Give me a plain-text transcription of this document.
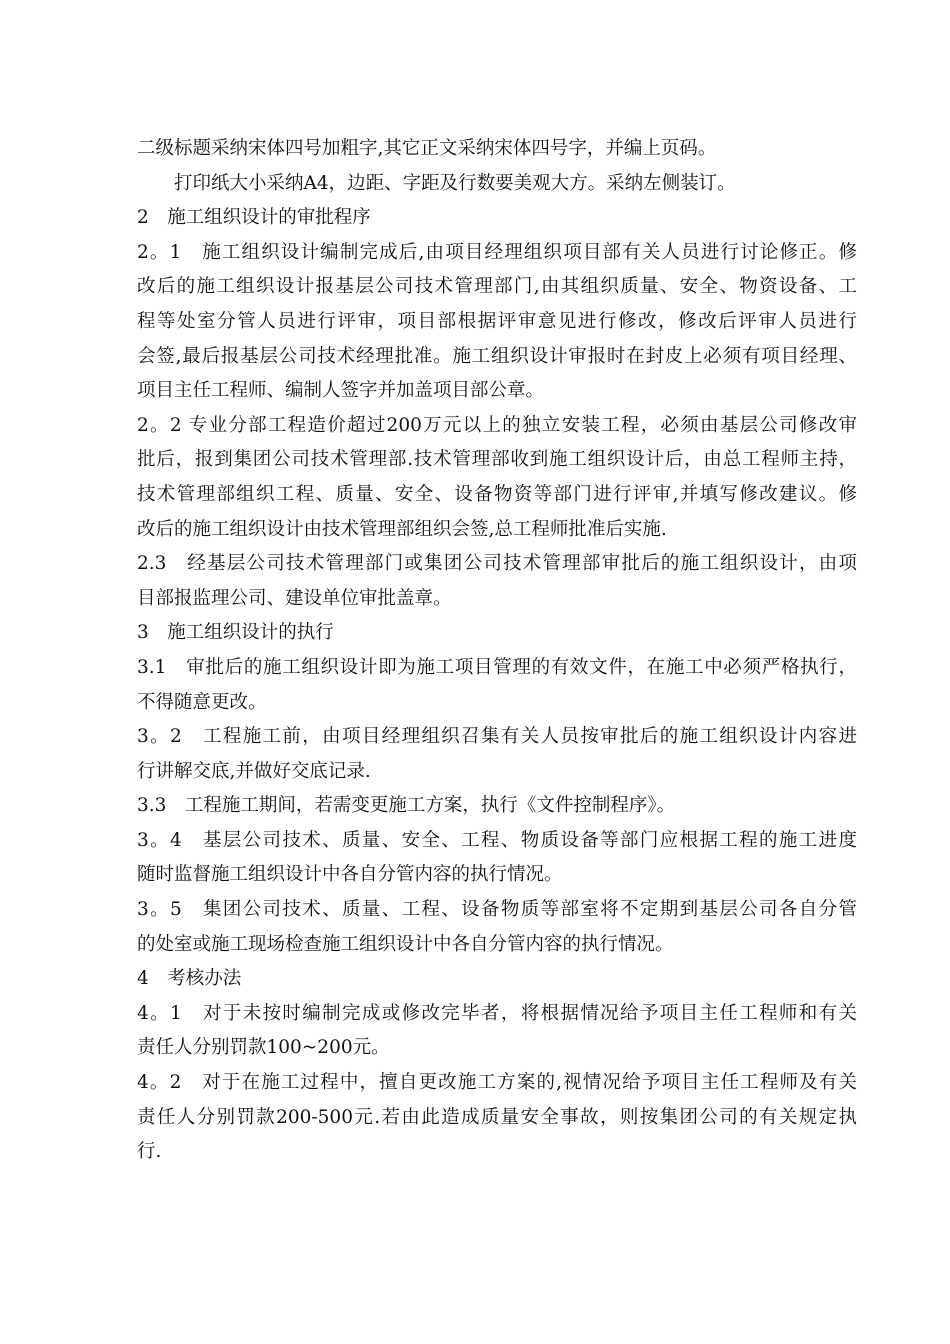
二级标题采纳宋体四号加粗字,其它正文采纳宋体四号字，并编上页码。
打印纸大小采纳A4，边距、字距及行数要美观大方。采纳左侧装订。
2　施工组织设计的审批程序
2。1　施工组织设计编制完成后,由项目经理组织项目部有关人员进行讨论修正。修
改后的施工组织设计报基层公司技术管理部门,由其组织质量、安全、物资设备、工
程等处室分管人员进行评审，项目部根据评审意见进行修改，修改后评审人员进行
会签,最后报基层公司技术经理批准。施工组织设计审报时在封皮上必须有项目经理、
项目主任工程师、编制人签字并加盖项目部公章。
2。2 专业分部工程造价超过200万元以上的独立安装工程，必须由基层公司修改审
批后，报到集团公司技术管理部.技术管理部收到施工组织设计后，由总工程师主持，
技术管理部组织工程、质量、安全、设备物资等部门进行评审,并填写修改建议。修
改后的施工组织设计由技术管理部组织会签,总工程师批准后实施.
2.3　经基层公司技术管理部门或集团公司技术管理部审批后的施工组织设计，由项
目部报监理公司、建设单位审批盖章。
3　施工组织设计的执行
3.1　审批后的施工组织设计即为施工项目管理的有效文件，在施工中必须严格执行，
不得随意更改。
3。2　工程施工前，由项目经理组织召集有关人员按审批后的施工组织设计内容进
行讲解交底,并做好交底记录.
3.3　工程施工期间，若需变更施工方案，执行《文件控制程序》。
3。4　基层公司技术、质量、安全、工程、物质设备等部门应根据工程的施工进度
随时监督施工组织设计中各自分管内容的执行情况。
3。5　集团公司技术、质量、工程、设备物质等部室将不定期到基层公司各自分管
的处室或施工现场检查施工组织设计中各自分管内容的执行情况。
4　考核办法
4。1　对于未按时编制完成或修改完毕者，将根据情况给予项目主任工程师和有关
责任人分别罚款100~200元。
4。2　对于在施工过程中，擅自更改施工方案的,视情况给予项目主任工程师及有关
责任人分别罚款200-500元.若由此造成质量安全事故，则按集团公司的有关规定执
行.
